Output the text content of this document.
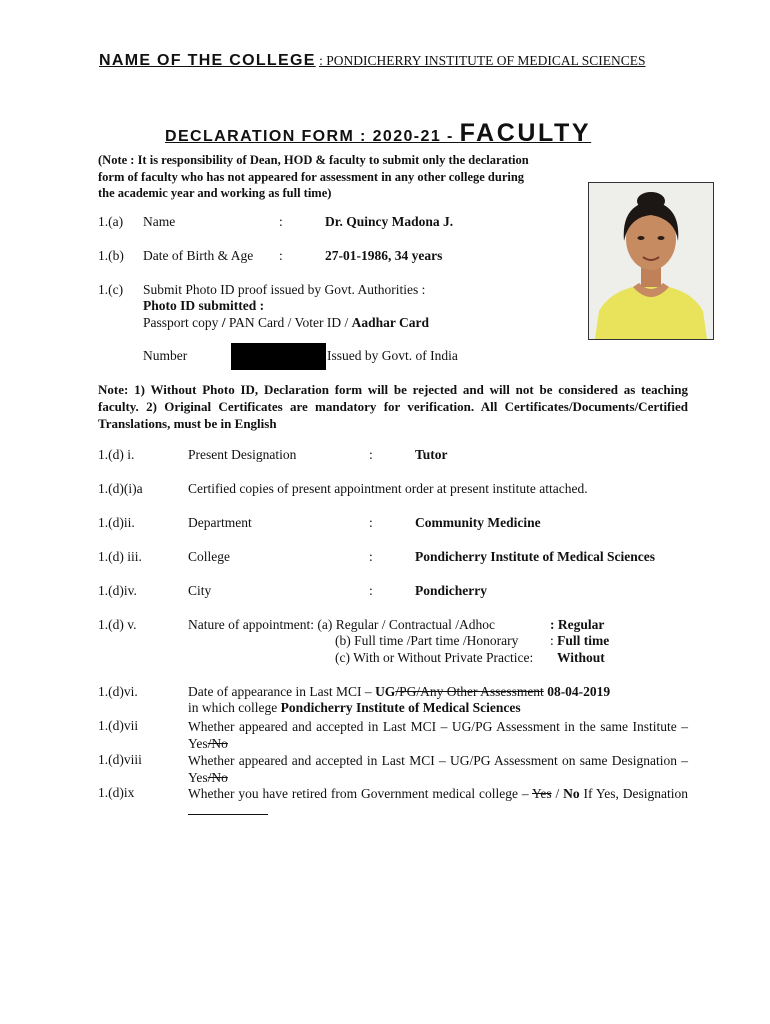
NAME OF THE COLLEGE : PONDICHERRY INSTITUTE OF MEDICAL SCIENCES
DECLARATION FORM : 2020-21 - FACULTY
(Note : It is responsibility of Dean, HOD & faculty to submit only the declaration form of faculty who has not appeared for assessment in any other college during the academic year and working as full time)
1.(a) Name	:	Dr. Quincy Madona J.
1.(b) Date of Birth & Age :	27-01-1986, 34 years
1.(c) Submit Photo ID proof issued by Govt. Authorities :
Photo ID submitted :
Passport copy / PAN Card / Voter ID / Aadhar Card
Number	Issued by Govt. of India
Note: 1) Without Photo ID, Declaration form will be rejected and will not be considered as teaching faculty. 2) Original Certificates are mandatory for verification. All Certificates/Documents/Certified Translations, must be in English
1.(d) i.	Present Designation	:	Tutor
1.(d)(i)a	Certified copies of present appointment order at present institute attached.
1.(d)ii.	Department	:	Community Medicine
1.(d) iii.	College	:	Pondicherry Institute of Medical Sciences
1.(d)iv.	City	:	Pondicherry
1.(d) v.	Nature of appointment: (a) Regular / Contractual /Adhoc	: Regular
(b) Full time /Part time /Honorary : Full time
(c) With or Without Private Practice: Without
1.(d)vi.	Date of appearance in Last MCI – UG/PG/Any Other Assessment 08-04-2019
in which college Pondicherry Institute of Medical Sciences
1.(d)vii	Whether appeared and accepted in Last MCI – UG/PG Assessment in the same Institute – Yes/No
1.(d)viii	Whether appeared and accepted in Last MCI – UG/PG Assessment on same Designation – Yes/No
1.(d)ix	Whether you have retired from Government medical college – Yes / No If Yes, Designation
